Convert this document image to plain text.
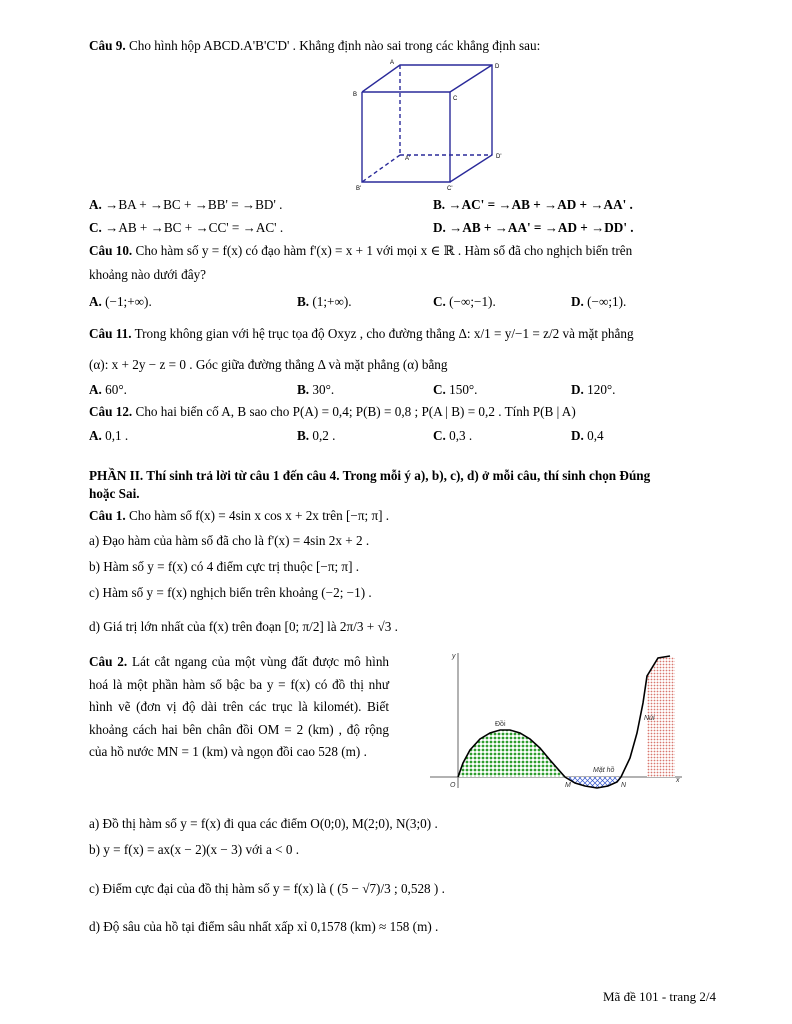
Câu 9. Cho hình hộp ABCD.A'B'C'D' . Khẳng định nào sai trong các khẳng định sau:
B
C
D
A
A'
B'	C'
D'
A. →BA + →BC + →BB' = →BD' .	B. →AC' = →AB + →AD + →AA' .
C. →AB + →BC + →CC' = →AC' .	D. →AB + →AA' = →AD + →DD' .
Câu 10. Cho hàm số y = f(x) có đạo hàm f'(x) = x + 1 với mọi x ∈ ℝ . Hàm số đã cho nghịch biến trên
khoảng nào dưới đây?
A. (−1;+∞).	B. (1;+∞).	C. (−∞;−1).	D. (−∞;1).
Câu 11. Trong không gian với hệ trục tọa độ Oxyz , cho đường thẳng Δ: x/1 = y/−1 = z/2 và mặt phẳng
(α): x + 2y − z = 0 . Góc giữa đường thẳng Δ và mặt phẳng (α) bằng
A. 60°.	B. 30°.	C. 150°.	D. 120°.
Câu 12. Cho hai biến cố A, B sao cho P(A) = 0,4; P(B) = 0,8 ; P(A | B) = 0,2 . Tính P(B | A)
A. 0,1 .	B. 0,2 .	C. 0,3 .	D. 0,4
PHẦN II. Thí sinh trả lời từ câu 1 đến câu 4. Trong mỗi ý a), b), c), d) ở mỗi câu, thí sinh chọn Đúng
hoặc Sai.
Câu 1. Cho hàm số f(x) = 4sin x cos x + 2x trên [−π; π] .
a) Đạo hàm của hàm số đã cho là f'(x) = 4sin 2x + 2 .
b) Hàm số y = f(x) có 4 điểm cực trị thuộc [−π; π] .
c) Hàm số y = f(x) nghịch biến trên khoảng (−2; −1) .
d) Giá trị lớn nhất của f(x) trên đoạn [0; π/2] là 2π/3 + √3 .
Câu 2. Lát cắt ngang của một vùng đất được mô hình hoá là một phần hàm số bậc ba y = f(x) có đồ thị như hình vẽ (đơn vị độ dài trên các trục là kilomét). Biết khoảng cách hai bên chân đồi OM = 2 (km) , độ rộng của hồ nước MN = 1 (km) và ngọn đồi cao 528 (m) .
y
x
O	M	N
Đồi
Mặt hồ
Núi
a) Đồ thị hàm số y = f(x) đi qua các điểm O(0;0), M(2;0), N(3;0) .
b) y = f(x) = ax(x − 2)(x − 3) với a < 0 .
c) Điểm cực đại của đồ thị hàm số y = f(x) là ( (5 − √7)/3 ; 0,528 ) .
d) Độ sâu của hồ tại điểm sâu nhất xấp xỉ 0,1578 (km) ≈ 158 (m) .
Mã đề 101 - trang 2/4
